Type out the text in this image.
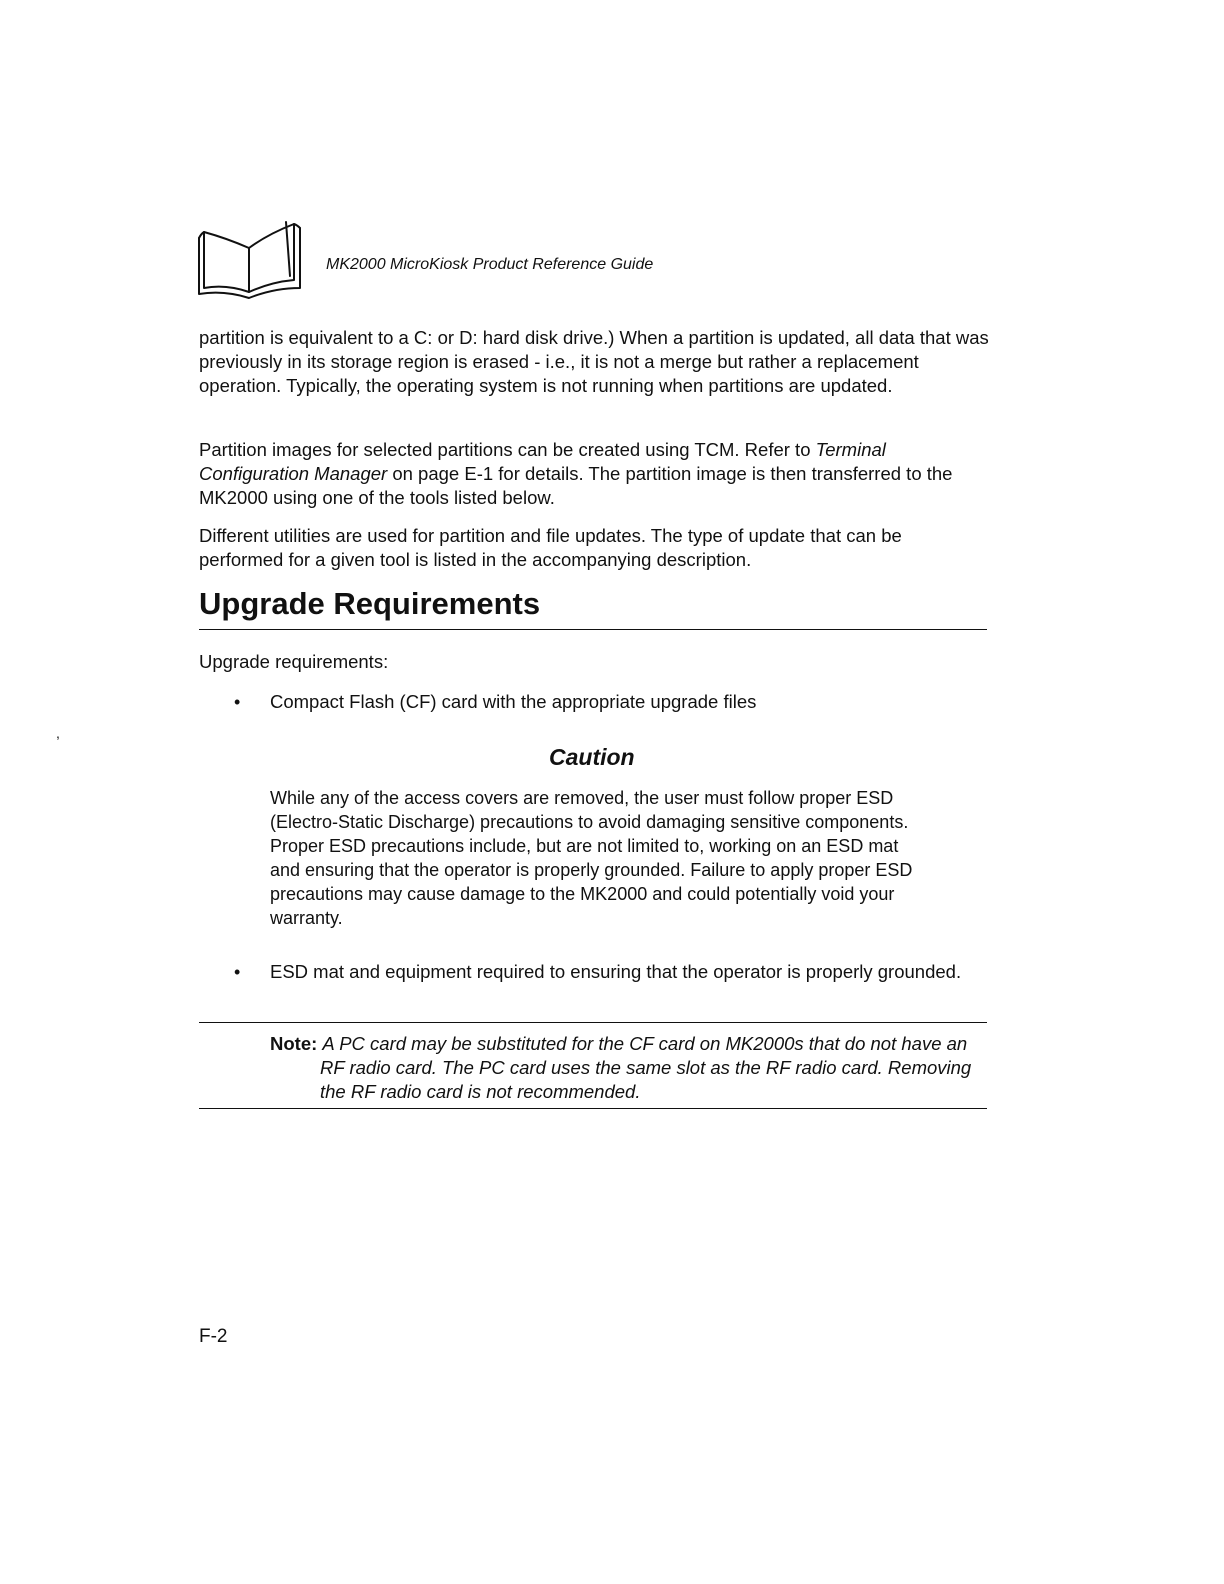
MK2000 MicroKiosk Product Reference Guide

partition is equivalent to a C: or D: hard disk drive.) When a partition is updated, all data that was previously in its storage region is erased - i.e., it is not a merge but rather a replacement operation. Typically, the operating system is not running when partitions are updated.

Partition images for selected partitions can be created using TCM. Refer to Terminal Configuration Manager on page E-1 for details. The partition image is then transferred to the MK2000 using one of the tools listed below.

Different utilities are used for partition and file updates. The type of update that can be performed for a given tool is listed in the accompanying description.

Upgrade Requirements
Upgrade requirements:
• Compact Flash (CF) card with the appropriate upgrade files
,
Caution
While any of the access covers are removed, the user must follow proper ESD (Electro-Static Discharge) precautions to avoid damaging sensitive components. Proper ESD precautions include, but are not limited to, working on an ESD mat and ensuring that the operator is properly grounded. Failure to apply proper ESD precautions may cause damage to the MK2000 and could potentially void your warranty.
• ESD mat and equipment required to ensuring that the operator is properly grounded.
Note: A PC card may be substituted for the CF card on MK2000s that do not have an RF radio card. The PC card uses the same slot as the RF radio card. Removing the RF radio card is not recommended.
F-2
